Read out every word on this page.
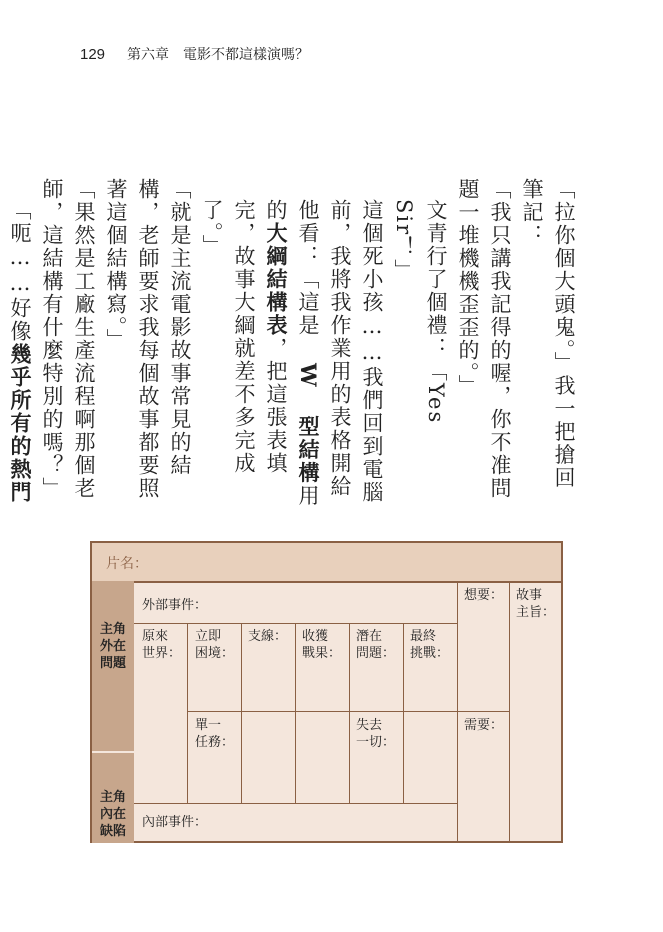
129 第六章　電影不都這樣演嗎？

「拉你個大頭鬼。」我一把搶回筆記：

「我只講我記得的喔，你不准問題一堆機機歪歪的。」

文青行了個禮：「Yes Sir！」

這個死小孩……我們回到電腦前，我將我作業用的表格開給他看：「這是 W 型結構用的大綱結構表，把這張表填完，故事大綱就差不多完成了。」

「就是主流電影故事常見的結構，老師要求我每個故事都要照著這個結構寫。」

「果然是工廠生產流程啊那個老師，這結構有什麼特別的嗎？」

「呃……好像幾乎所有的熱門

片名：
主角 外在 問題
主角 內在 缺陷
外部事件：
內部事件：
想要： 故事
主旨：
需要：
原來
世界：
立即
困境：
支線： 收獲
戰果：
潛在
問題：
最終
挑戰：
單一
任務：
失去
一切：
